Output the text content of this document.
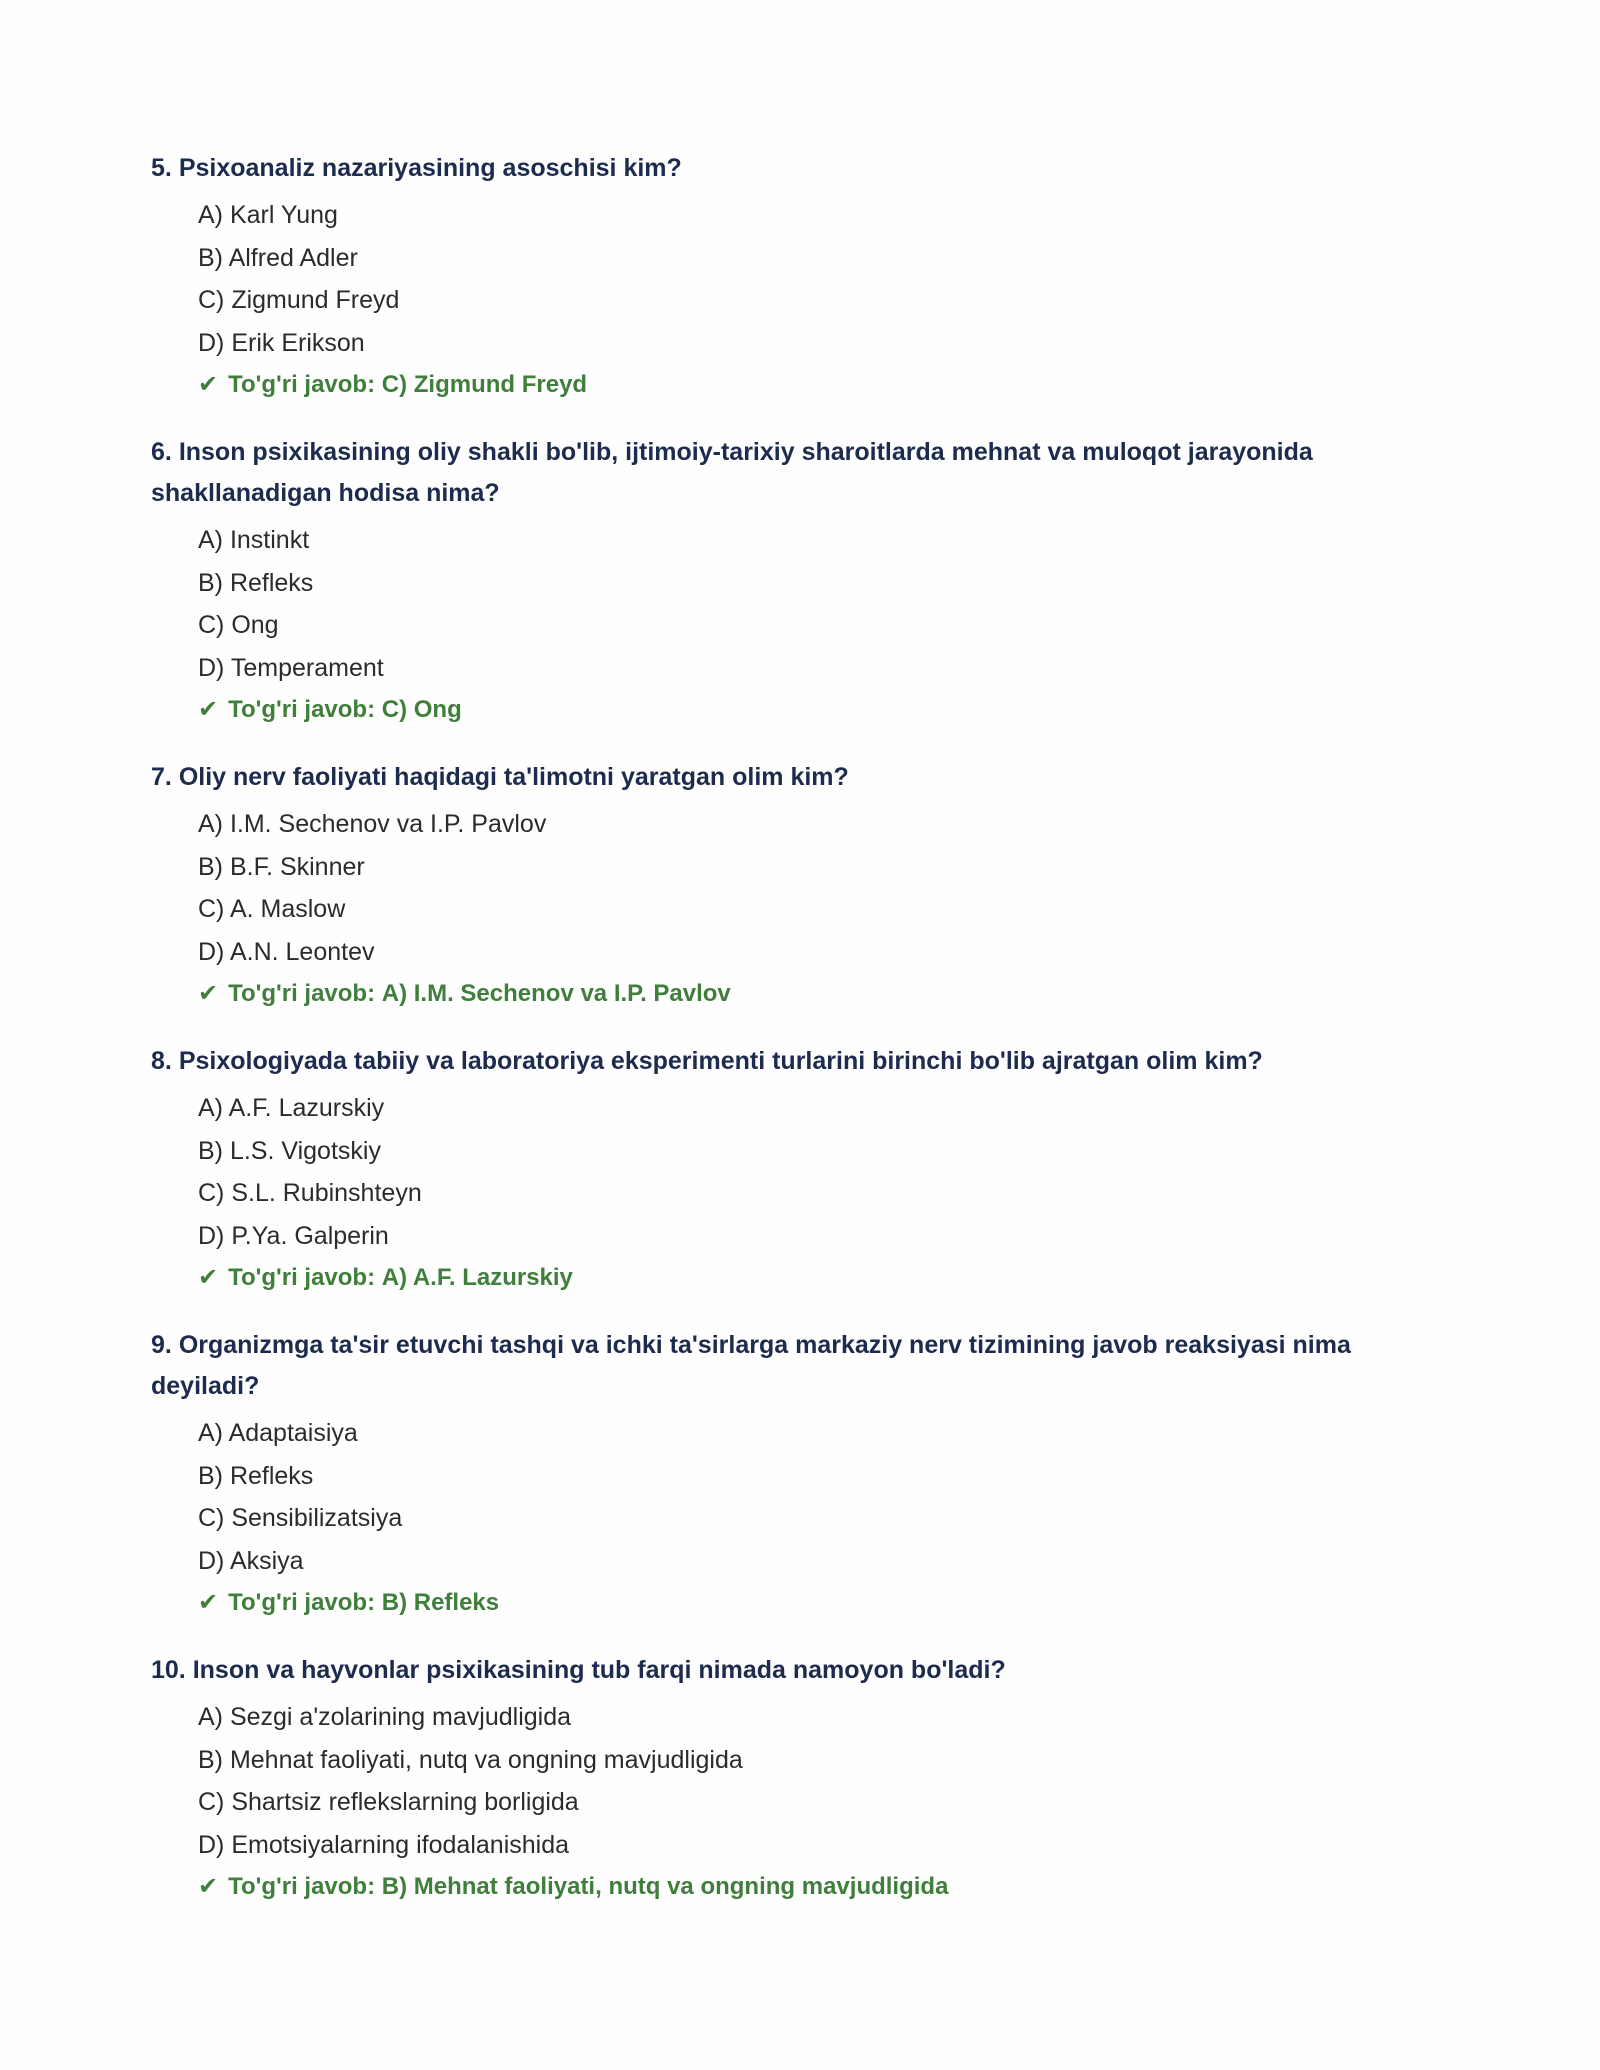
5. Psixoanaliz nazariyasining asoschisi kim?

A) Karl Yung
B) Alfred Adler
C) Zigmund Freyd
D) Erik Erikson
✔ To'g'ri javob:
C) Zigmund Freyd

6. Inson psixikasining oliy shakli bo'lib, ijtimoiy-tarixiy sharoitlarda mehnat va muloqot jarayonida shakllanadigan hodisa nima?

A) Instinkt
B) Refleks
C) Ong
D) Temperament
✔ To'g'ri javob:
C) Ong

7. Oliy nerv faoliyati haqidagi ta'limotni yaratgan olim kim?

A) I.M. Sechenov va I.P. Pavlov
B) B.F. Skinner
C) A. Maslow
D) A.N. Leontev
✔ To'g'ri javob:
A) I.M. Sechenov va I.P. Pavlov

8. Psixologiyada tabiiy va laboratoriya eksperimenti turlarini birinchi bo'lib ajratgan olim kim?

A) A.F. Lazurskiy
B) L.S. Vigotskiy
C) S.L. Rubinshteyn
D) P.Ya. Galperin
✔ To'g'ri javob:
A) A.F. Lazurskiy

9. Organizmga ta'sir etuvchi tashqi va ichki ta'sirlarga markaziy nerv tizimining javob reaksiyasi nima deyiladi?

A) Adaptaisiya
B) Refleks
C) Sensibilizatsiya
D) Aksiya
✔ To'g'ri javob:
B) Refleks

10. Inson va hayvonlar psixikasining tub farqi nimada namoyon bo'ladi?

A) Sezgi a'zolarining mavjudligida
B) Mehnat faoliyati, nutq va ongning mavjudligida
C) Shartsiz reflekslarning borligida
D) Emotsiyalarning ifodalanishida
✔ To'g'ri javob:
B) Mehnat faoliyati, nutq va ongning mavjudligida
